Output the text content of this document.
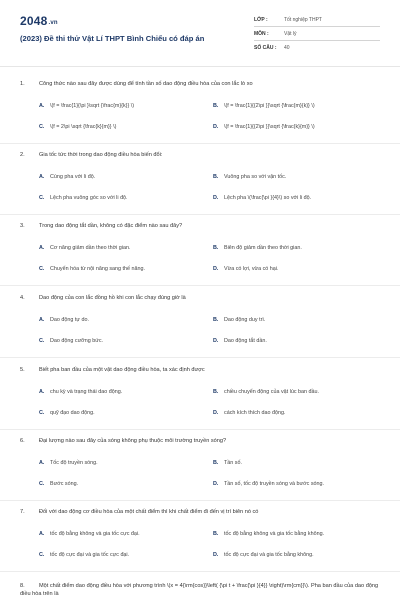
2048.vn
(2023) Đề thi thử Vật Lí THPT Bình Chiểu có đáp án
LỚP :	Tốt nghiệp THPT
MÔN :	Vật lý
SỐ CÂU : 40
1.	Công thức nào sau đây được dùng để tính tần số dao động điều hòa của con lắc lò xo
A. \(f = \frac{1}{\pi }\sqrt {\frac{m}{k}} \)	B. \(f = \frac{1}{{2\pi }}\sqrt {\frac{m}{k}} \)
C. \(f = 2\pi \sqrt {\frac{k}{m}} \)	D. \(f = \frac{1}{{2\pi }}\sqrt {\frac{k}{m}} \)
2.	Gia tốc tức thời trong dao động điều hòa biến đổi:
A. Cùng pha với li độ.	B. Vuông pha so với vận tốc.
C. Lệch pha vuông góc so với li độ.	D. Lệch pha \(\frac{\pi }{4}\) so với li độ.
3.	Trong dao động tắt dần, không có đặc điểm nào sau đây?
A. Cơ năng giảm dần theo thời gian.	B. Biên độ giảm dần theo thời gian.
C. Chuyển hóa từ nội năng sang thế năng.	D. Vừa có lợi, vừa có hại.
4.	Dao động của con lắc đồng hồ khi con lắc chạy đúng giờ là
A. Dao động tự do.	B. Dao động duy trì.
C. Dao động cưỡng bức.	D. Dao động tắt dần.
5.	Biết pha ban đầu của một vật dao động điều hòa, ta xác định được
A. chu kỳ và trạng thái dao động.	B. chiều chuyển động của vật lúc ban đầu.
C. quỹ đạo dao động.	D. cách kích thích dao động.
6.	Đại lượng nào sau đây của sóng không phụ thuộc môi trường truyền sóng?
A. Tốc độ truyền sóng.	B. Tần số.
C. Bước sóng.	D. Tần số, tốc độ truyền sóng và bước sóng.
7.	Đối với dao động cơ điều hòa của một chất điểm thì khi chất điểm đi đến vị trí biên nó có
A. tốc độ bằng không và gia tốc cực đại.	B. tốc độ bằng không và gia tốc bằng không.
C. tốc độ cực đại và gia tốc cực đại.	D. tốc độ cực đại và gia tốc bằng không.
8.	Một chất điểm dao động điều hòa với phương trình \(x = 4{\rm{cos}}\left( {\pi t + \frac{\pi }{4}} \right)\rm{cm}}\). Pha ban đầu của dao động điều hòa trên là
